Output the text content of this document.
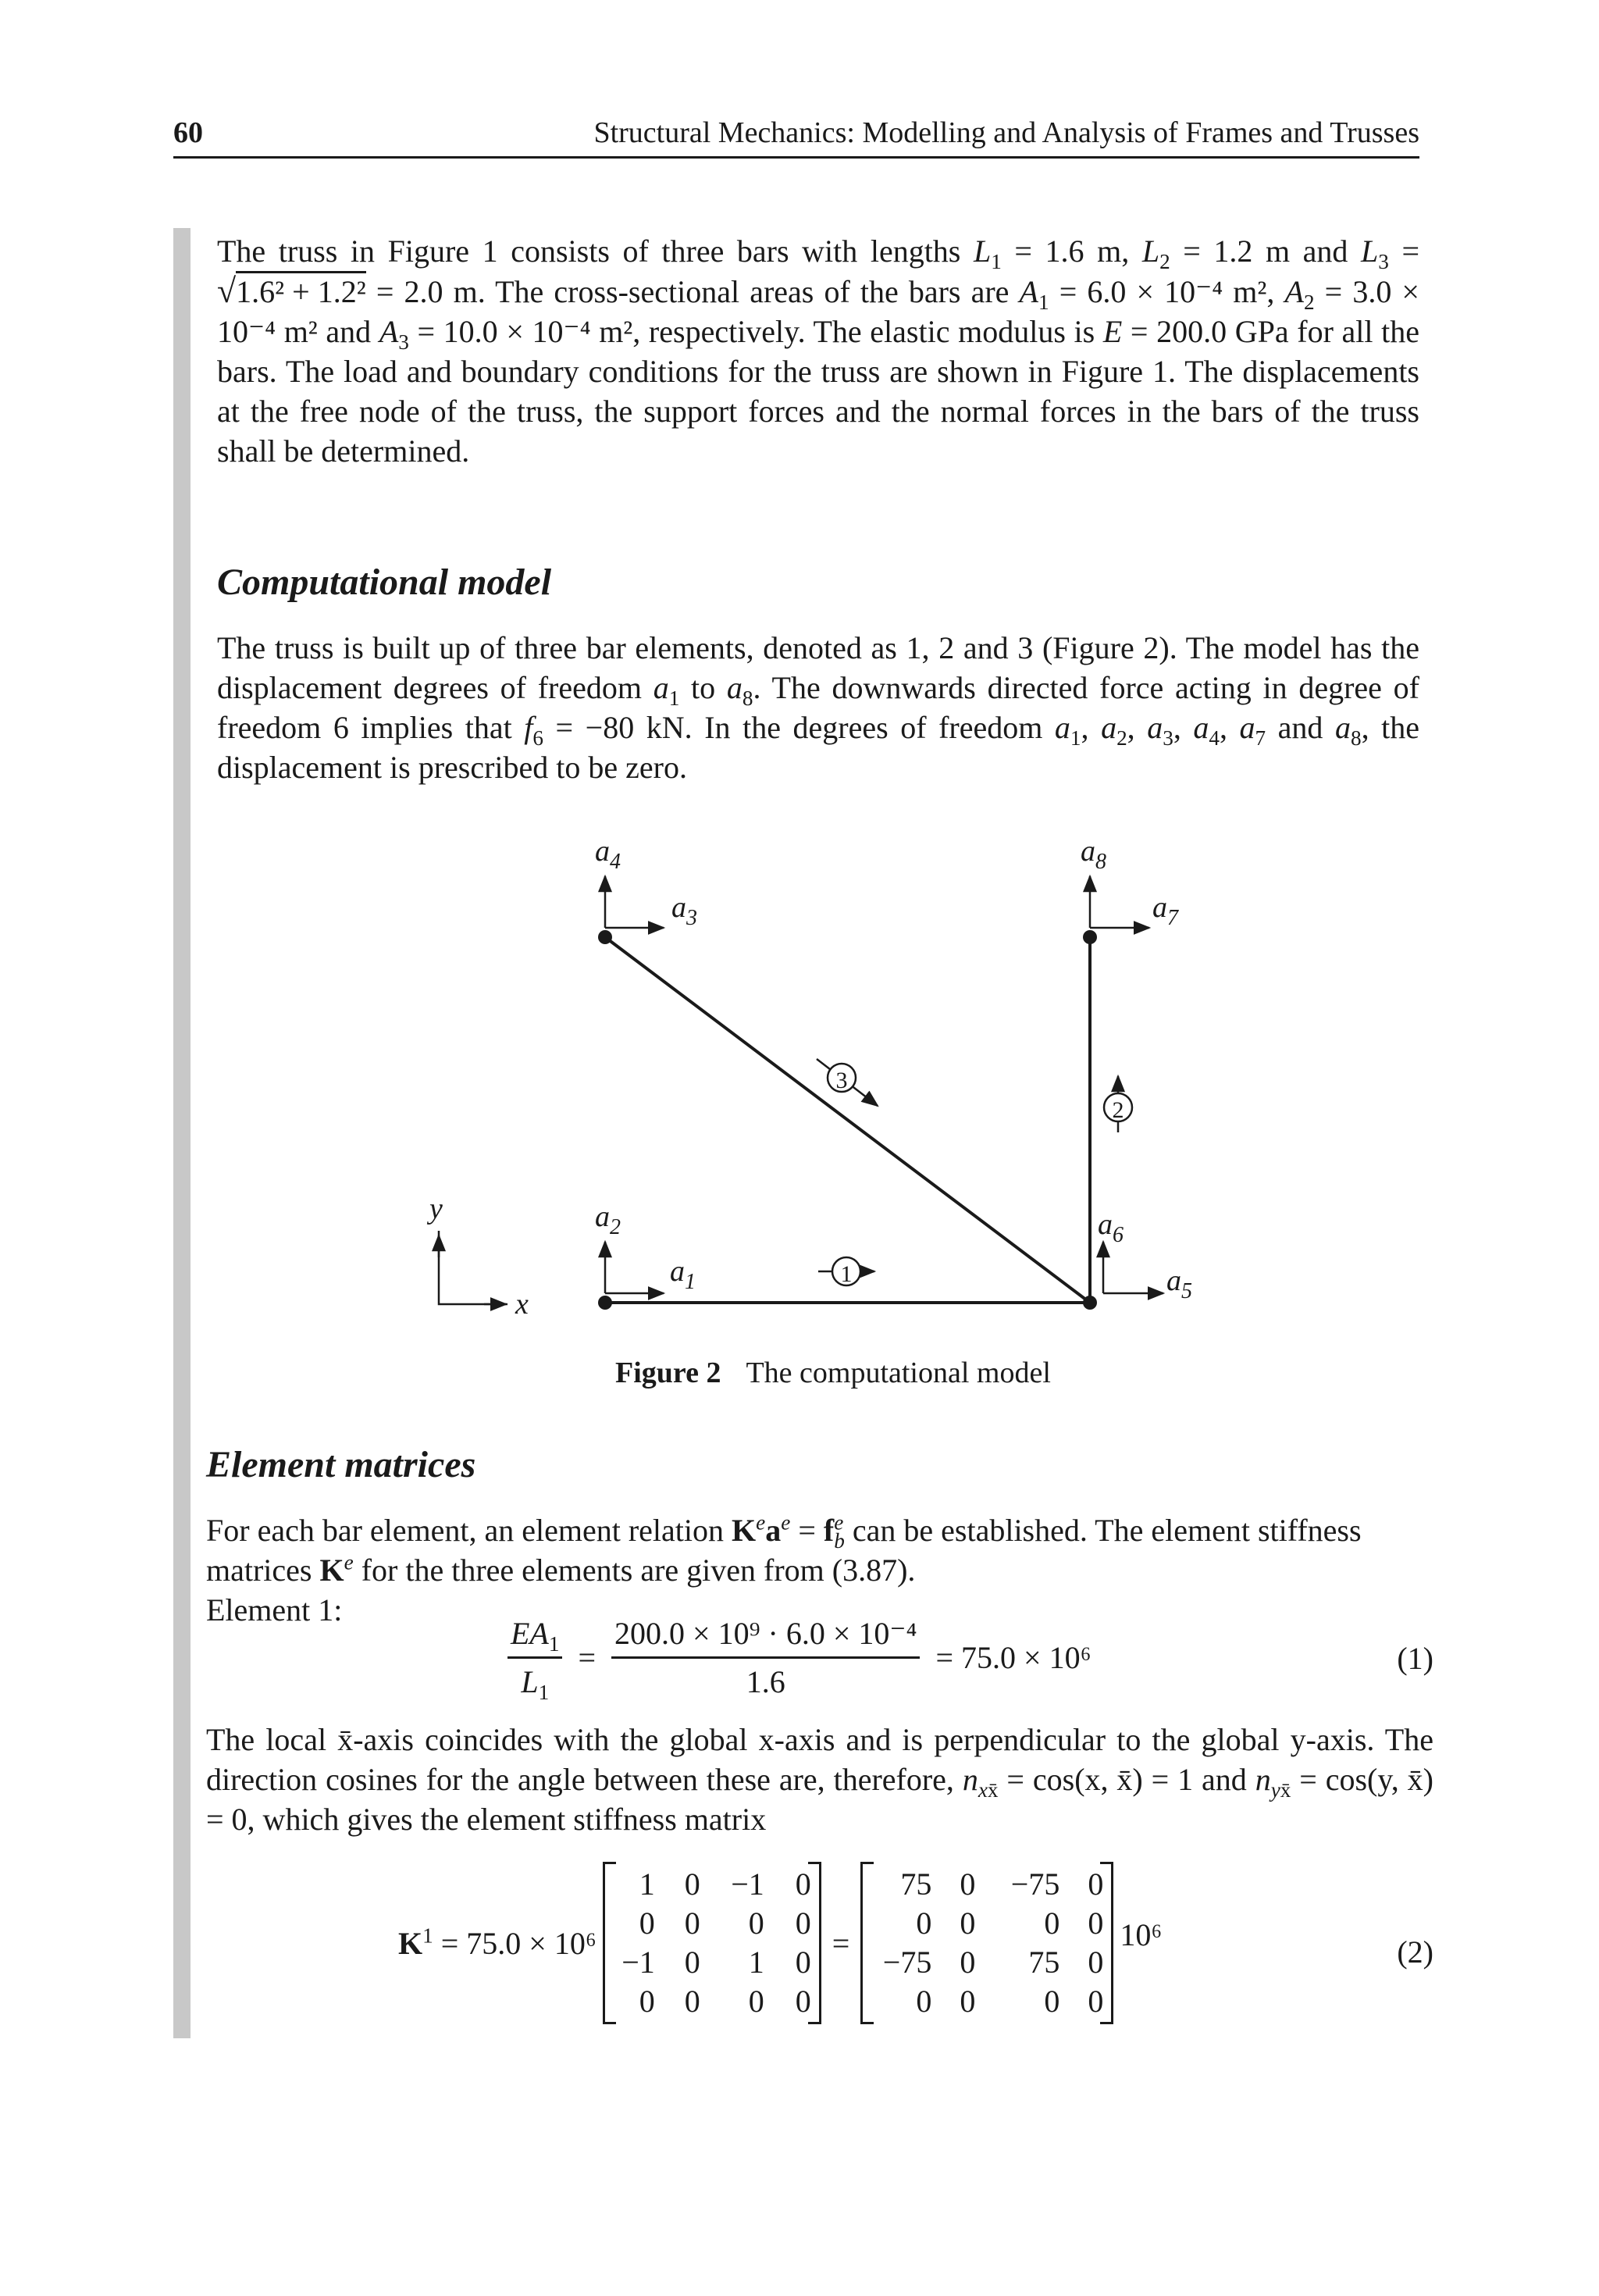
60	Structural Mechanics: Modelling and Analysis of Frames and Trusses

The truss in Figure 1 consists of three bars with lengths $L_1 = 1.6$ m, $L_2 = 1.2$ m and $L_3$ =
√ 1.6² + 1.2² = 2.0 m. The cross-sectional areas of the bars are $A_1 = 6.0 \times 10^{-4}$ m², $A_2 = 3.0 \times 10^{-4}$ m² and $A_3 = 10.0 \times 10^{-4}$ m², respectively. The elastic modulus is E = 200.0 GPa for all the bars. The load and boundary conditions for the truss are shown in Figure 1. The displacements at the free node of the truss, the support forces and the normal forces in the bars of the truss shall be determined.

Computational model

The truss is built up of three bar elements, denoted as 1, 2 and 3 (Figure 2). The model has the displacement degrees of freedom $a_1$ to $a_8$. The downwards directed force acting in degree of freedom 6 implies that $f_6 = -80$ kN. In the degrees of freedom $a_1$, $a_2$, $a_3$, $a_4$, $a_7$ and $a_8$, the displacement is prescribed to be zero.

1
2
3
y
x
$a_4$
$a_3$
$a_8$
$a_7$
$a_2$
$a_1$
$a_6$
$a_5$
Figure 2 The computational model
Element matrices

For each bar element, an element relation $K^ea^e = f^e_b$ can be established. The element stiffness matrices $K^e$ for the three elements are given from (3.87).
Element 1:

$\frac{EA_1}{L_1} = \frac{\text{200.0 × 10⁹ · 6.0 × 10⁻⁴}}{1.6} = 75.0 \times 10^6$	(1)

The local x̄-axis coincides with the global x-axis and is perpendicular to the global y-axis. The direction cosines for the angle between these are, therefore, $n_{xx̄} = \cos(x$, x̄) = 1 and $n_{yx̄} = \cos(y$, x̄) = 0, which gives the element stiffness matrix

$K^1 = 75.0 \times 10^6$
1 0 −1	0
0 0	0	0
−1 0	1	0
0 0	0	0
=
75 0	−75 0
0 0	0 0
−75 0	75 0
0 0	0 0
10⁶	(2)
